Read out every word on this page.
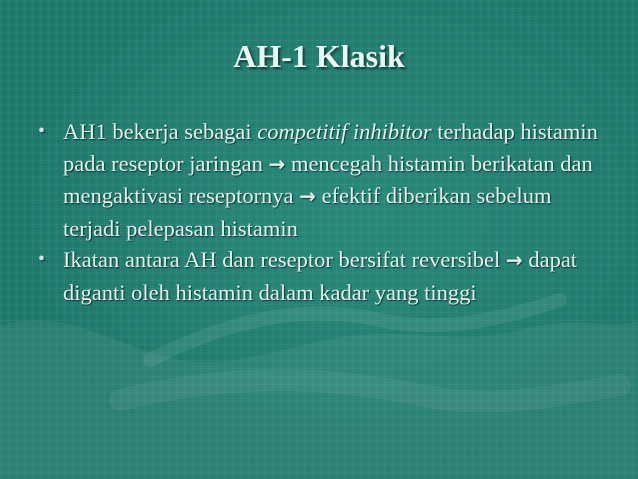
AH-1 Klasik
• AH1 bekerja sebagai competitif inhibitor terhadap histamin pada reseptor jaringan → mencegah histamin berikatan dan mengaktivasi reseptornya → efektif diberikan sebelum terjadi pelepasan histamin
• Ikatan antara AH dan reseptor bersifat reversibel → dapat diganti oleh histamin dalam kadar yang tinggi
